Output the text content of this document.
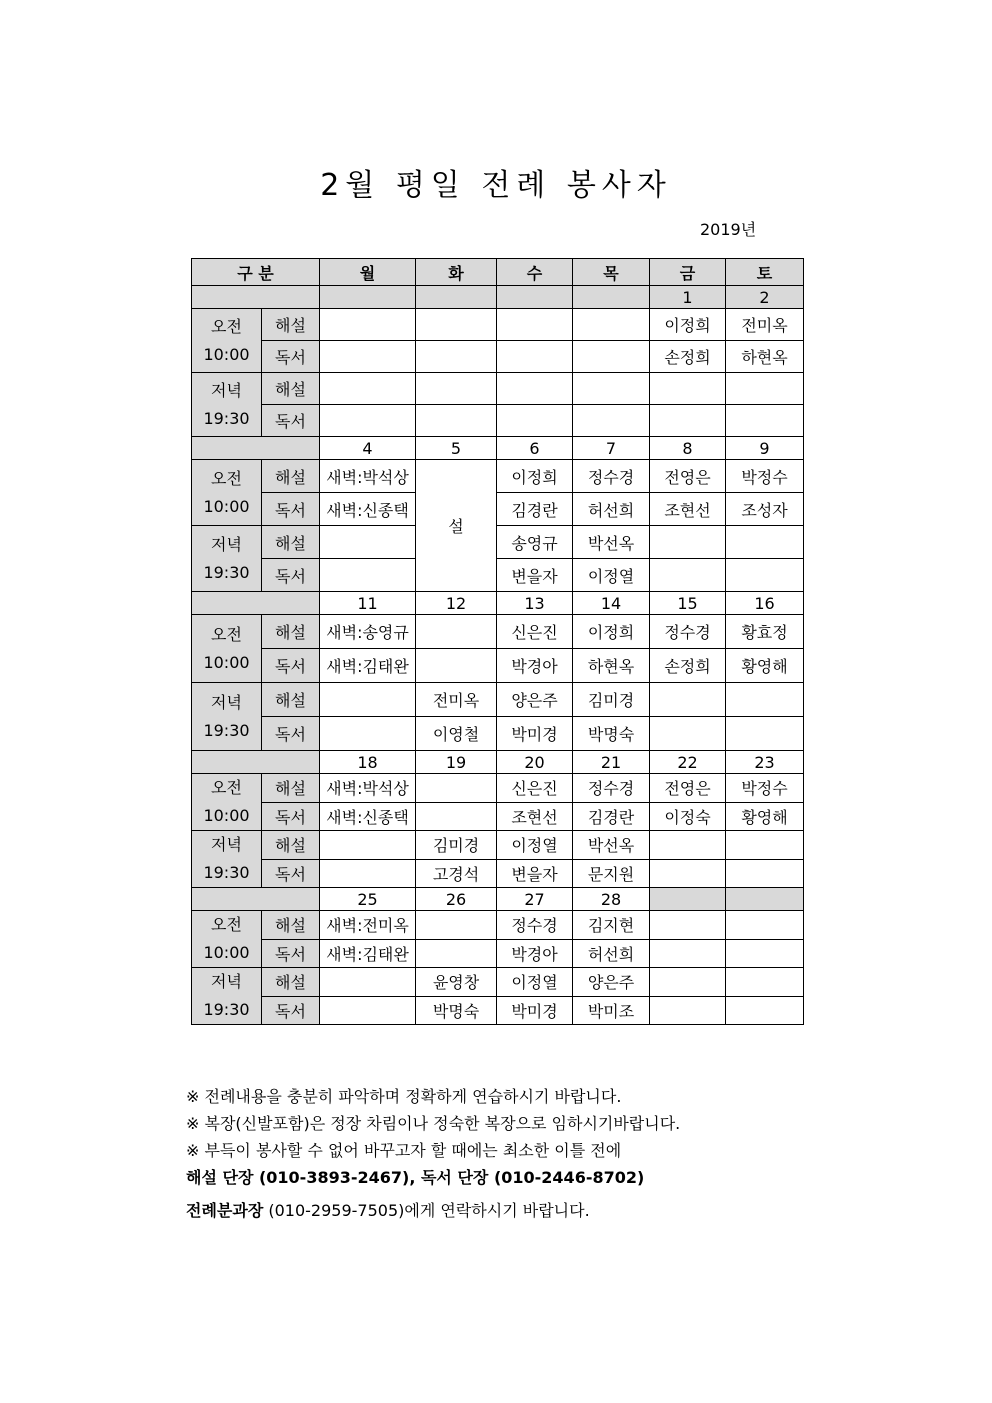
2월 평일 전례 봉사자
2019년
구 분		월	화	수	목	금	토
						1	2

오전
10:00	해설					이정희	전미옥
	독서					손정희	하현옥

저녁
19:30	해설						
	독서						
		4	5	6	7	8	9

오전
10:00	해설	새벽:박석상	설	이정희	정수경	전영은	박정수
	독서	새벽:신종택		김경란	허선희	조현선	조성자

저녁
19:30	해설			송영규	박선옥		
	독서			변을자	이정열		
		11	12	13	14	15	16

오전
10:00	해설	새벽:송영규		신은진	이정희	정수경	황효정
	독서	새벽:김태완		박경아	하현옥	손정희	황영해

저녁
19:30	해설		전미옥	양은주	김미경		
	독서		이영철	박미경	박명숙		
		18	19	20	21	22	23

오전
10:00	해설	새벽:박석상		신은진	정수경	전영은	박정수
	독서	새벽:신종택		조현선	김경란	이정숙	황영해

저녁
19:30	해설		김미경	이정열	박선옥		
	독서		고경석	변을자	문지원		
		25	26	27	28		

오전
10:00	해설	새벽:전미옥		정수경	김지현		
	독서	새벽:김태완		박경아	허선희		

저녁
19:30	해설		윤영창	이정열	양은주		
	독서		박명숙	박미경	박미조		
※ 전례내용을 충분히 파악하며 정확하게 연습하시기 바랍니다.
※ 복장(신발포함)은 정장 차림이나 정숙한 복장으로 임하시기바랍니다.
※ 부득이 봉사할 수 없어 바꾸고자 할 때에는 최소한 이틀 전에
해설 단장 (010-3893-2467), 독서 단장 (010-2446-8702)
전례분과장 (010-2959-7505)에게 연락하시기 바랍니다.
